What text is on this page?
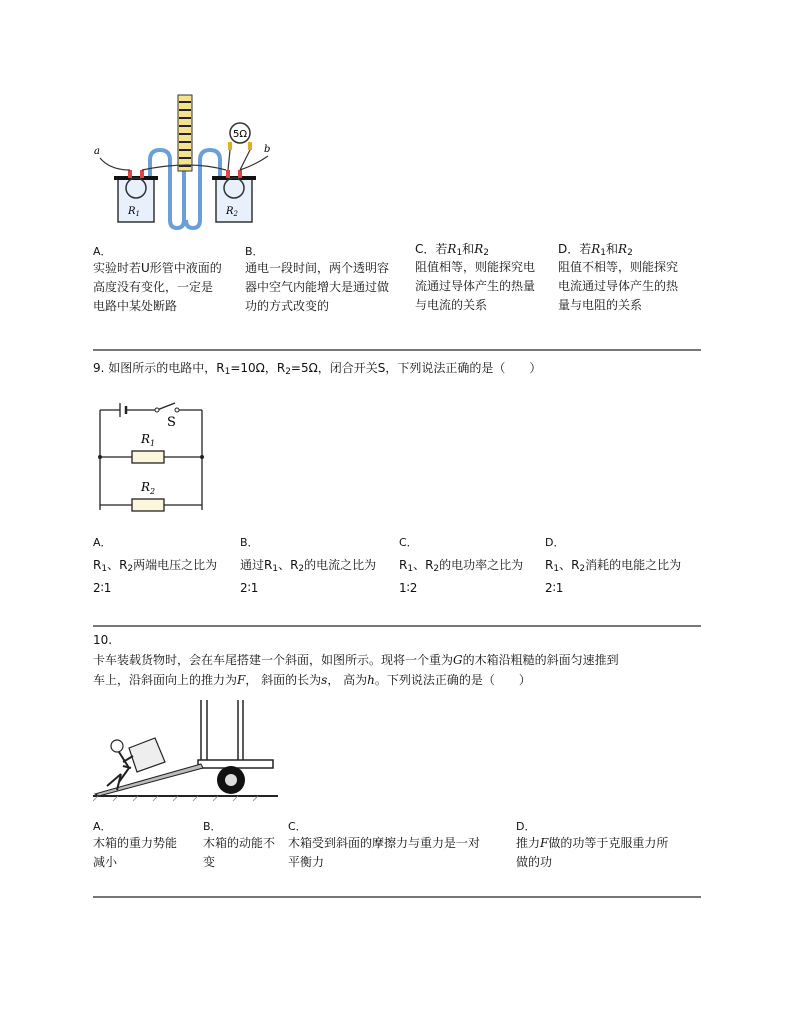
5Ω
a	b
$R_1$	$R_2$
A．
实验时若U形管中液面的
高度没有变化，一定是
电路中某处断路
B．
通电一段时间，两个透明容
器中空气内能增大是通过做
功的方式改变的
C．若$R_1$和$R_2$
阻值相等，则能探究电
流通过导体产生的热量
与电流的关系
D．若$R_1$和$R_2$
阻值不相等，则能探究
电流通过导体产生的热
量与电阻的关系
9. 如图所示的电路中，$R_1=10\Omega$，$R_2=5\Omega$，闭合开关S，下列说法正确的是（　　）
S
$R_1$
$R_2$
A．
$R_1$、$R_2$两端电压之比为
2∶1
B．
通过$R_1$、$R_2$的电流之比为
2∶1
C．
$R_1$、$R_2$的电功率之比为
1∶2
D．
$R_1$、$R_2$消耗的电能之比为
2∶1
10.
卡车装载货物时，会在车尾搭建一个斜面，如图所示。现将一个重为G的木箱沿粗糙的斜面匀速推到
车上，沿斜面向上的推力为F， 斜面的长为s， 高为h。下列说法正确的是（　　）
A．
木箱的重力势能
减小
B．
木箱的动能不
变
C．
木箱受到斜面的摩擦力与重力是一对
平衡力
D．
推力F做的功等于克服重力所
做的功
